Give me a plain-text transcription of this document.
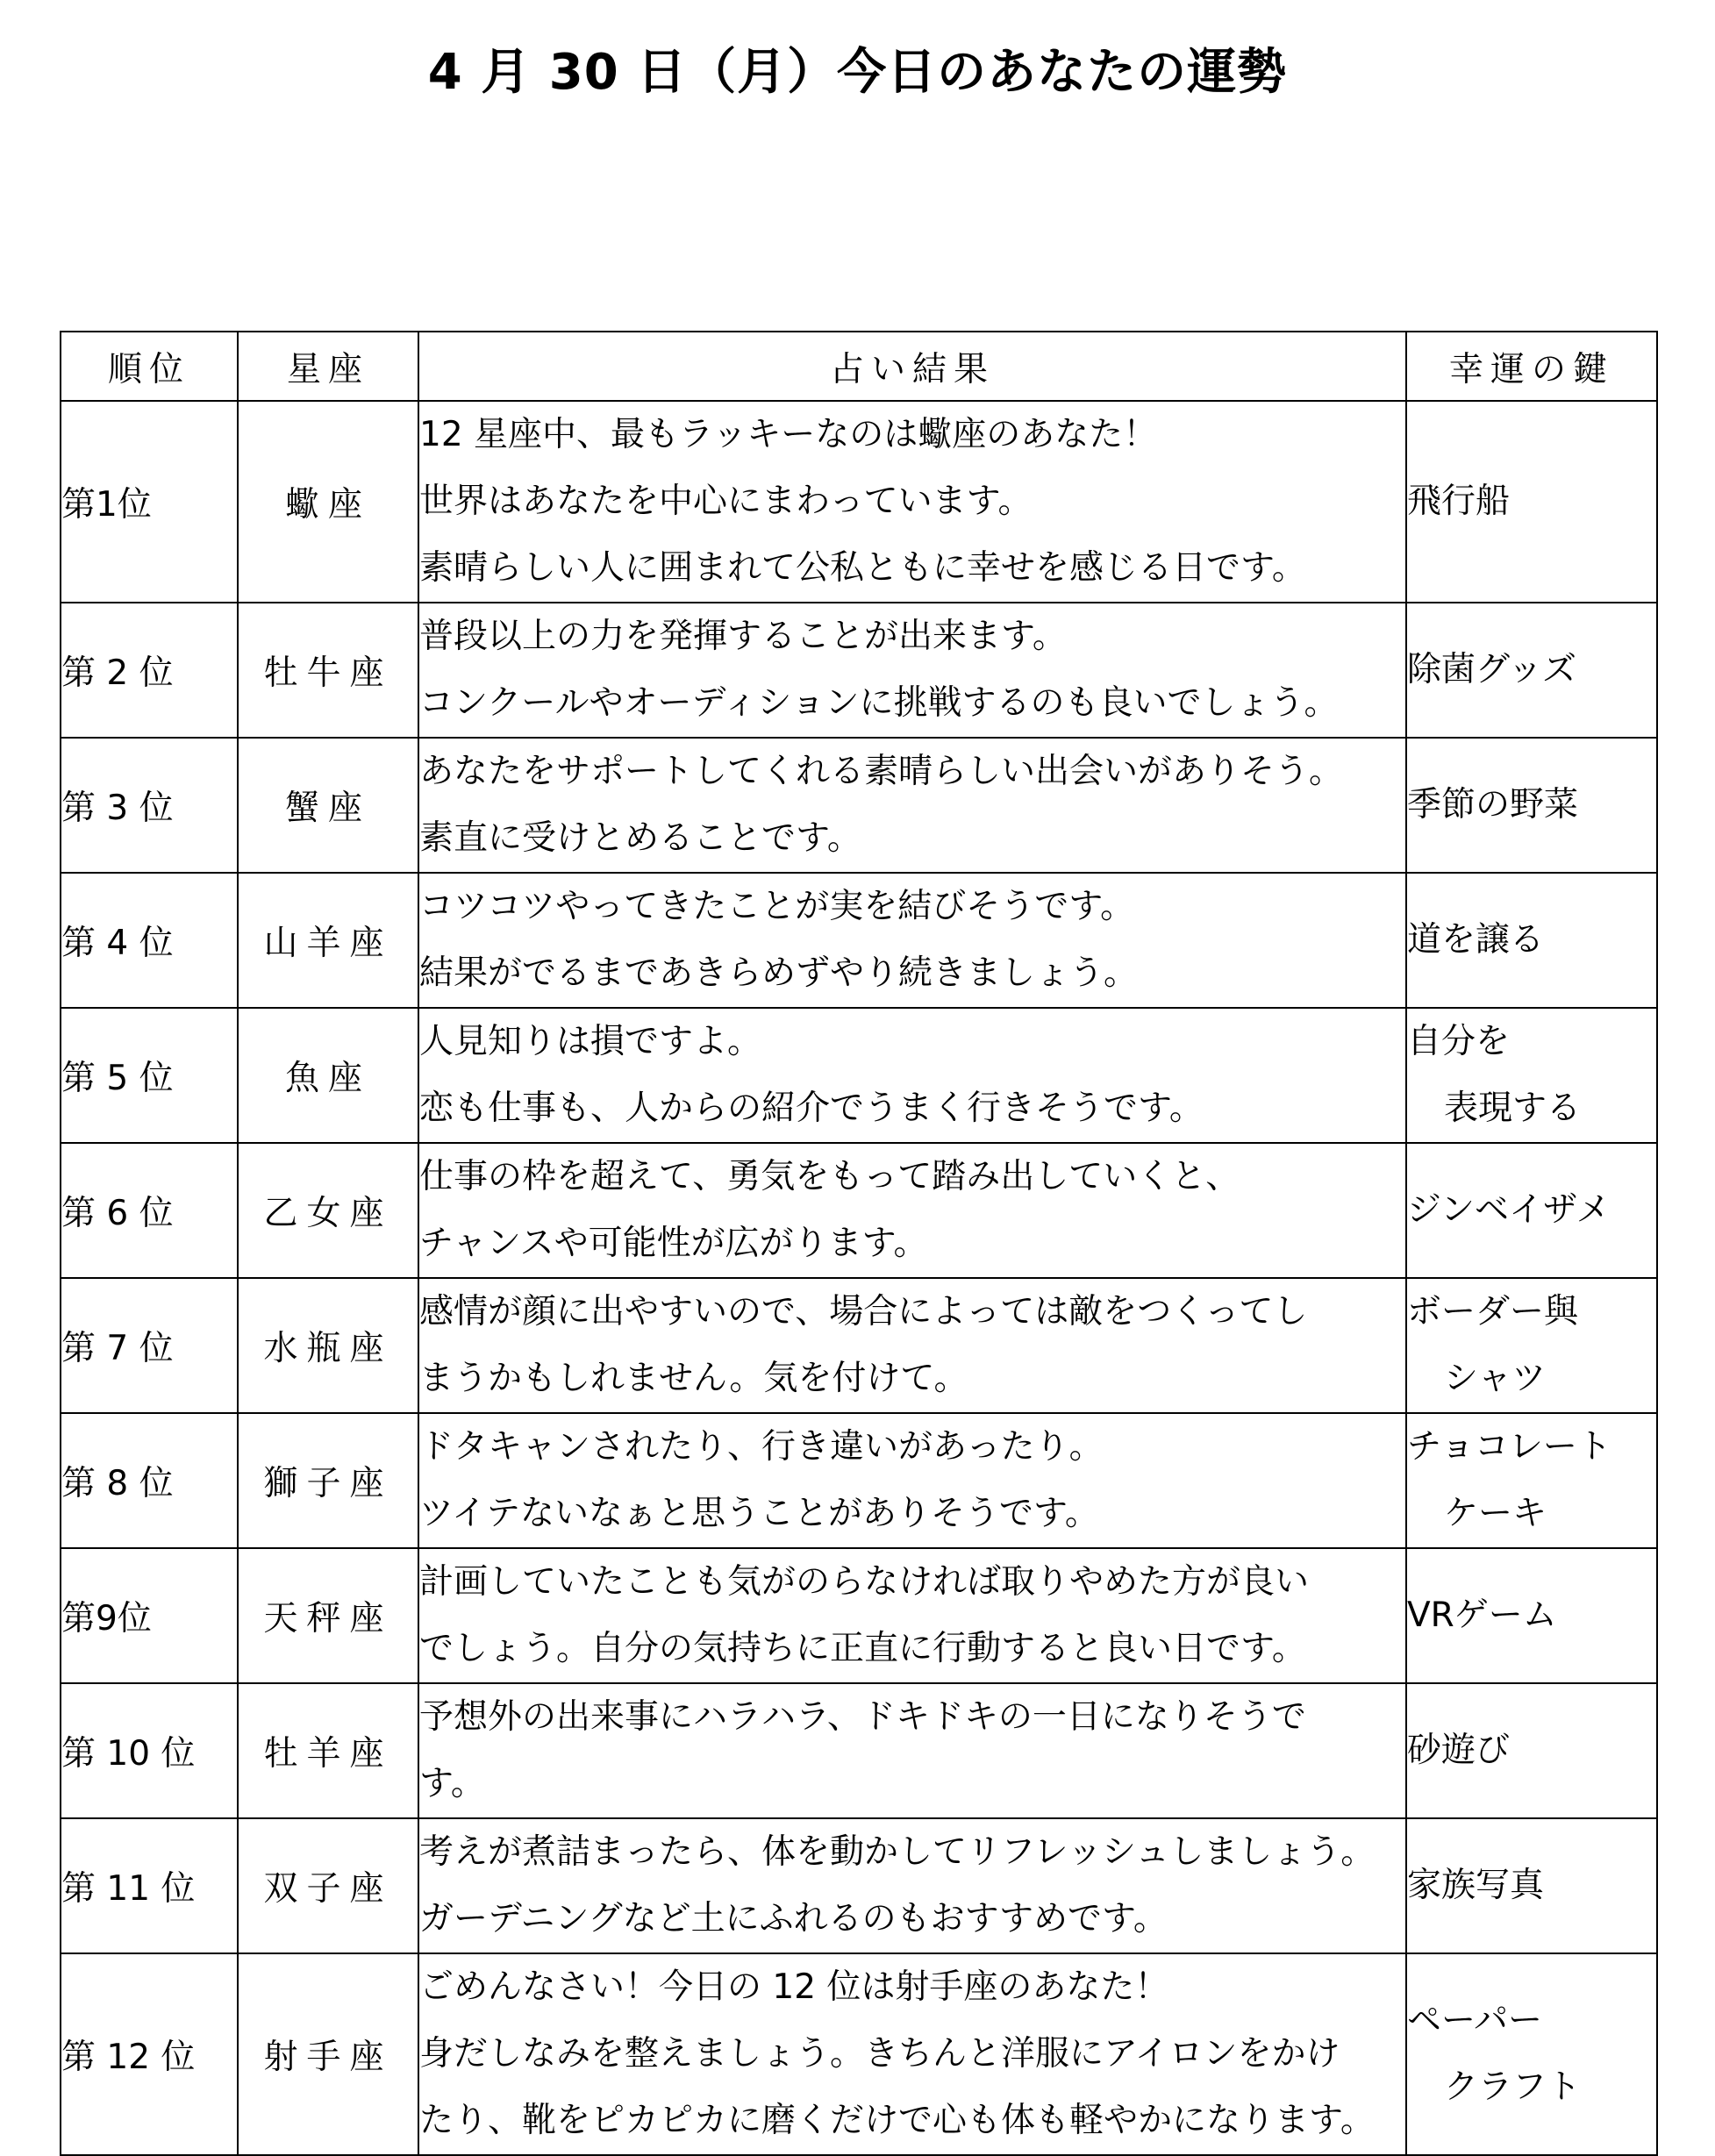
4 月 30 日（月）今日のあなたの運勢
順位	星座	占い結果	幸運の鍵
第1位	蠍座	12 星座中、最もラッキーなのは蠍座のあなた！
世界はあなたを中心にまわっています。
素晴らしい人に囲まれて公私ともに幸せを感じる日です。	飛行船

第 2 位	牡牛座	普段以上の力を発揮することが出来ます。
コンクールやオーディションに挑戦するのも良いでしょう。	除菌グッズ

第 3 位	蟹座	あなたをサポートしてくれる素晴らしい出会いがありそう。
素直に受けとめることです。	季節の野菜

第 4 位	山羊座	コツコツやってきたことが実を結びそうです。
結果がでるまであきらめずやり続きましょう。	道を譲る

第 5 位	魚座	人見知りは損ですよ。
恋も仕事も、人からの紹介でうまく行きそうです。	自分を
表現する

第 6 位	乙女座	仕事の枠を超えて、勇気をもって踏み出していくと、
チャンスや可能性が広がります。	ジンベイザメ

第 7 位	水瓶座	感情が顔に出やすいので、場合によっては敵をつくってし
まうかもしれません。気を付けて。	ボーダー與
シャツ

第 8 位	獅子座	ドタキャンされたり、行き違いがあったり。
ツイテないなぁと思うことがありそうです。	チョコレート
ケーキ

第9位	天秤座	計画していたことも気がのらなければ取りやめた方が良い
でしょう。自分の気持ちに正直に行動すると良い日です。	VRゲーム

第 10 位	牡羊座	予想外の出来事にハラハラ、ドキドキの一日になりそうで
す。	砂遊び

第 11 位	双子座	考えが煮詰まったら、体を動かしてリフレッシュしましょう。
ガーデニングなど土にふれるのもおすすめです。	家族写真

第 12 位	射手座	ごめんなさい！今日の 12 位は射手座のあなた！
身だしなみを整えましょう。きちんと洋服にアイロンをかけ
たり、靴をピカピカに磨くだけで心も体も軽やかになります。	ペーパー
クラフト
